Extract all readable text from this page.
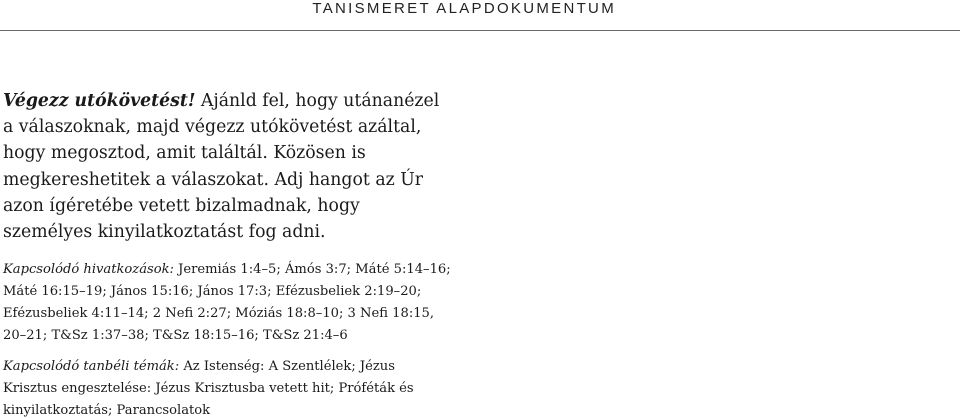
TANISMERET ALAPDOKUMENTUM

Végezz utókövetést! Ajánld fel, hogy utánanézel a válaszoknak, majd végezz utókövetést azáltal, hogy megosztod, amit találtál. Közösen is megkereshetitek a válaszokat. Adj hangot az Úr azon ígéretébe vetett bizalmadnak, hogy személyes kinyilatkoztatást fog adni.

Kapcsolódó hivatkozások: Jeremiás 1:4–5; Ámós 3:7; Máté 5:14–16; Máté 16:15–19; János 15:16; János 17:3; Efézusbeliek 2:19–20; Efézusbeliek 4:11–14; 2 Nefi 2:27; Móziás 18:8–10; 3 Nefi 18:15, 20–21; T&Sz 1:37–38; T&Sz 18:15–16; T&Sz 21:4–6

Kapcsolódó tanbéli témák: Az Istenség: A Szentlélek; Jézus Krisztus engesztelése: Jézus Krisztusba vetett hit; Próféták és kinyilatkoztatás; Parancsolatok
